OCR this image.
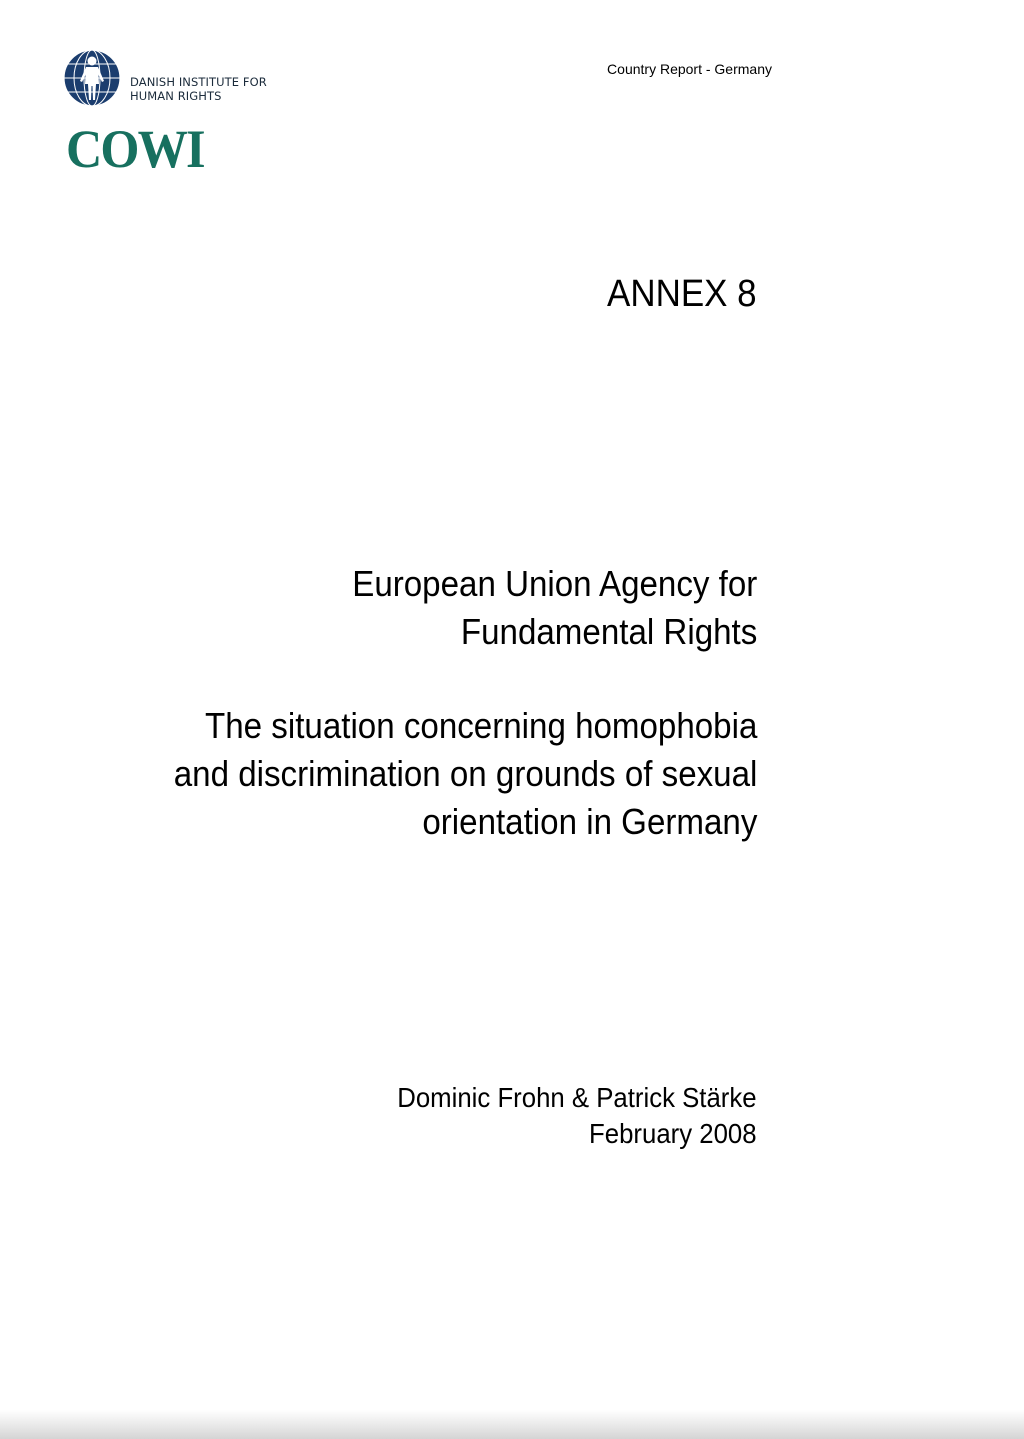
DANISH INSTITUTE FOR
HUMAN RIGHTS
COWI
Country Report - Germany
ANNEX 8
European Union Agency for
Fundamental Rights
The situation concerning homophobia
and discrimination on grounds of sexual
orientation in Germany
Dominic Frohn & Patrick Stärke
February 2008
